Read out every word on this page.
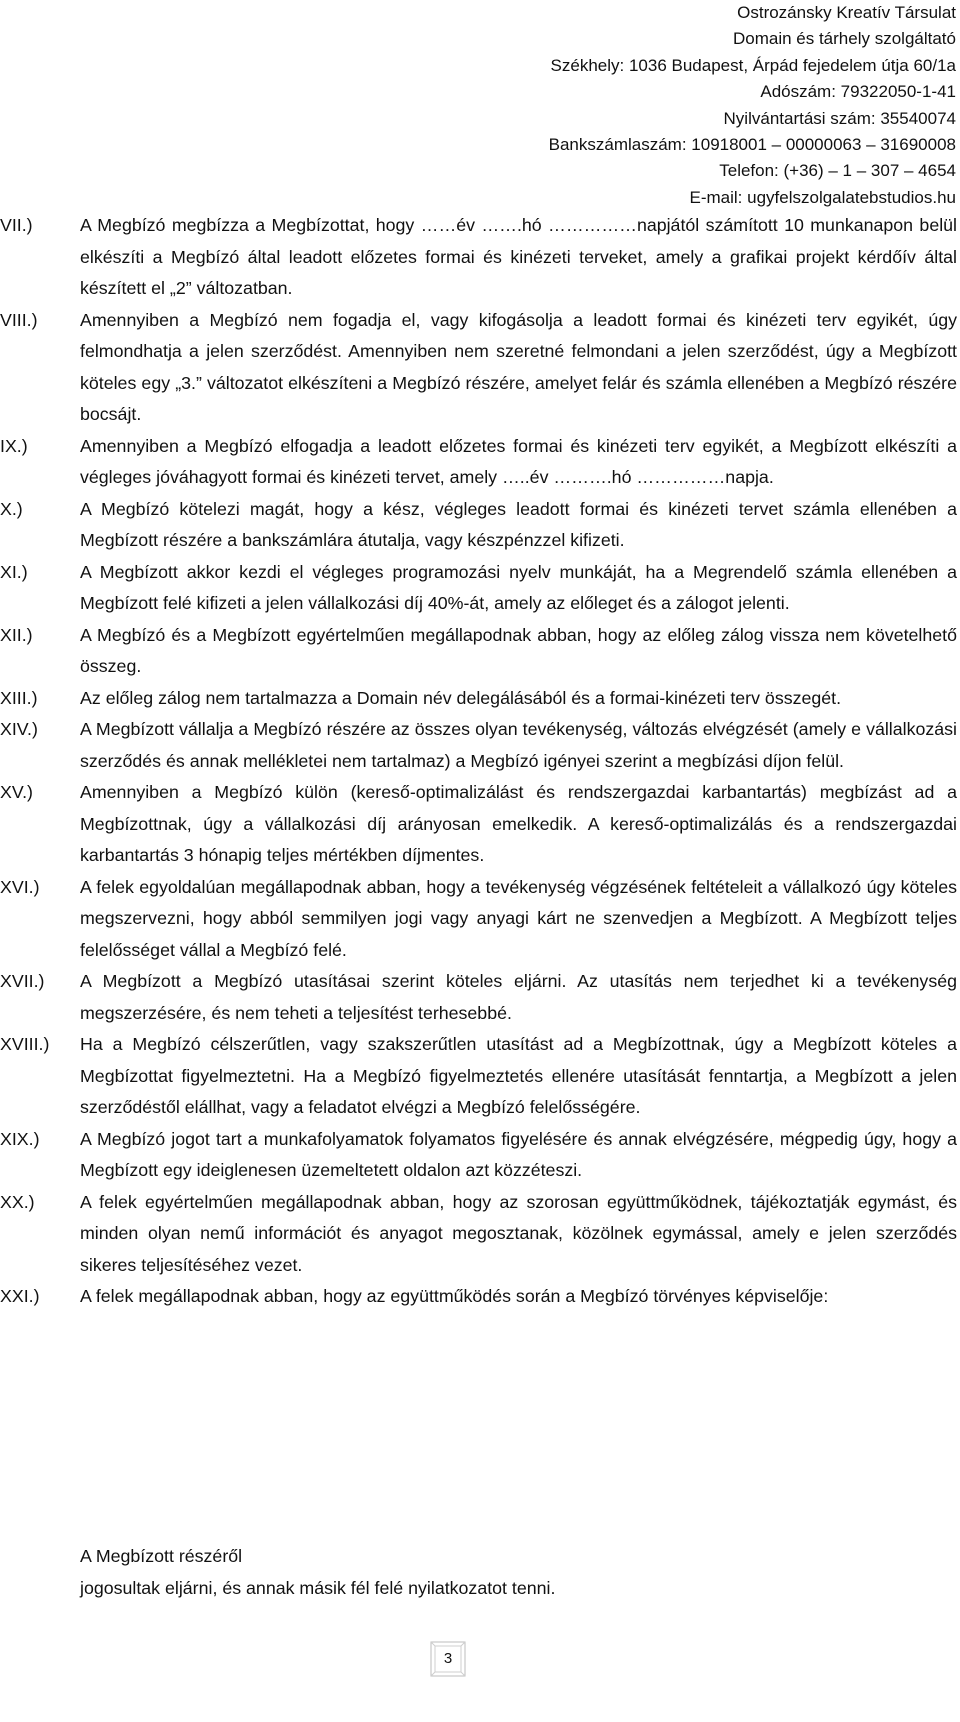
Ostrozánsky Kreatív Társulat
Domain és tárhely szolgáltató
Székhely: 1036 Budapest, Árpád fejedelem útja 60/1a
Adószám: 79322050-1-41
Nyilvántartási szám: 35540074
Bankszámlaszám: 10918001 – 00000063 – 31690008
Telefon: (+36) – 1 – 307 – 4654
E-mail: ugyfelszolgalatebstudios.hu
VII.)	A Megbízó megbízza a Megbízottat, hogy ……év …….hó ……………napjától számított 10 munkanapon belül elkészíti a Megbízó által leadott előzetes formai és kinézeti terveket, amely a grafikai projekt kérdőív által készített el „2” változatban.
VIII.)	Amennyiben a Megbízó nem fogadja el, vagy kifogásolja a leadott formai és kinézeti terv egyikét, úgy felmondhatja a jelen szerződést. Amennyiben nem szeretné felmondani a jelen szerződést, úgy a Megbízott köteles egy „3.” változatot elkészíteni a Megbízó részére, amelyet felár és számla ellenében a Megbízó részére bocsájt.
IX.)	Amennyiben a Megbízó elfogadja a leadott előzetes formai és kinézeti terv egyikét, a Megbízott elkészíti a végleges jóváhagyott formai és kinézeti tervet, amely …..év ……….hó ……………napja.
X.)	A Megbízó kötelezi magát, hogy a kész, végleges leadott formai és kinézeti tervet számla ellenében a Megbízott részére a bankszámlára átutalja, vagy készpénzzel kifizeti.
XI.)	A Megbízott akkor kezdi el végleges programozási nyelv munkáját, ha a Megrendelő számla ellenében a Megbízott felé kifizeti a jelen vállalkozási díj 40%-át, amely az előleget és a zálogot jelenti.
XII.)	A Megbízó és a Megbízott egyértelműen megállapodnak abban, hogy az előleg zálog vissza nem követelhető összeg.
XIII.)	Az előleg zálog nem tartalmazza a Domain név delegálásából és a formai-kinézeti terv összegét.
XIV.)	A Megbízott vállalja a Megbízó részére az összes olyan tevékenység, változás elvégzését (amely e vállalkozási szerződés és annak mellékletei nem tartalmaz) a Megbízó igényei szerint a megbízási díjon felül.
XV.)	Amennyiben a Megbízó külön (kereső-optimalizálást és rendszergazdai karbantartás) megbízást ad a Megbízottnak, úgy a vállalkozási díj arányosan emelkedik. A kereső-optimalizálás és a rendszergazdai karbantartás 3 hónapig teljes mértékben díjmentes.
XVI.)	A felek egyoldalúan megállapodnak abban, hogy a tevékenység végzésének feltételeit a vállalkozó úgy köteles megszervezni, hogy abból semmilyen jogi vagy anyagi kárt ne szenvedjen a Megbízott. A Megbízott teljes felelősséget vállal a Megbízó felé.
XVII.)	A Megbízott a Megbízó utasításai szerint köteles eljárni. Az utasítás nem terjedhet ki a tevékenység megszerzésére, és nem teheti a teljesítést terhesebbé.
XVIII.)	Ha a Megbízó célszerűtlen, vagy szakszerűtlen utasítást ad a Megbízottnak, úgy a Megbízott köteles a Megbízottat figyelmeztetni. Ha a Megbízó figyelmeztetés ellenére utasítását fenntartja, a Megbízott a jelen szerződéstől elállhat, vagy a feladatot elvégzi a Megbízó felelősségére.
XIX.)	A Megbízó jogot tart a munkafolyamatok folyamatos figyelésére és annak elvégzésére, mégpedig úgy, hogy a Megbízott egy ideiglenesen üzemeltetett oldalon azt közzéteszi.
XX.)	A felek egyértelműen megállapodnak abban, hogy az szorosan együttműködnek, tájékoztatják egymást, és minden olyan nemű információt és anyagot megosztanak, közölnek egymással, amely e jelen szerződés sikeres teljesítéséhez vezet.
XXI.)	A felek megállapodnak abban, hogy az együttműködés során a Megbízó törvényes képviselője:
A Megbízott részéről
jogosultak eljárni, és annak másik fél felé nyilatkozatot tenni.
3
